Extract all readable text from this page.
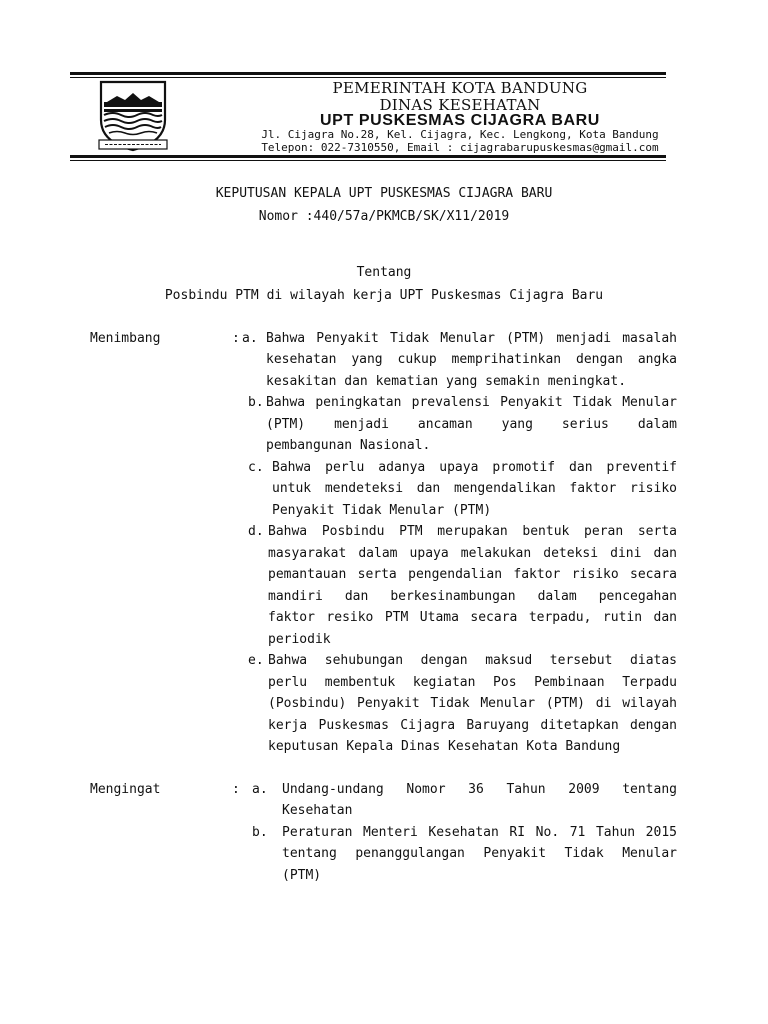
PEMERINTAH KOTA BANDUNG
DINAS KESEHATAN
UPT PUSKESMAS CIJAGRA BARU
Jl. Cijagra No.28, Kel. Cijagra, Kec. Lengkong, Kota Bandung
Telepon: 022-7310550, Email : cijagrabarupuskesmas@gmail.com
KEPUTUSAN KEPALA UPT PUSKESMAS CIJAGRA BARU
Nomor :440/57a/PKMCB/SK/X11/2019
Tentang
Posbindu PTM di wilayah kerja UPT Puskesmas Cijagra Baru
Menimbang	: a. Bahwa Penyakit Tidak Menular (PTM) menjadi masalah
kesehatan yang cukup memprihatinkan dengan angka
kesakitan dan kematian yang semakin meningkat.
b. Bahwa peningkatan prevalensi Penyakit Tidak Menular
(PTM) menjadi ancaman yang serius dalam
pembangunan Nasional.
c. Bahwa perlu adanya upaya promotif dan preventif
untuk mendeteksi dan mengendalikan faktor risiko
Penyakit Tidak Menular (PTM)
d. Bahwa Posbindu PTM merupakan bentuk peran serta
masyarakat dalam upaya melakukan deteksi dini dan
pemantauan serta pengendalian faktor risiko secara
mandiri dan berkesinambungan dalam pencegahan
faktor resiko PTM Utama secara terpadu, rutin dan
periodik
e. Bahwa sehubungan dengan maksud tersebut diatas
perlu membentuk kegiatan Pos Pembinaan Terpadu
(Posbindu) Penyakit Tidak Menular (PTM) di wilayah
kerja Puskesmas Cijagra Baruyang ditetapkan dengan
keputusan Kepala Dinas Kesehatan Kota Bandung
Mengingat	: a. Undang-undang Nomor 36 Tahun 2009 tentang
Kesehatan
b. Peraturan Menteri Kesehatan RI No. 71 Tahun 2015
tentang penanggulangan Penyakit Tidak Menular
(PTM)
